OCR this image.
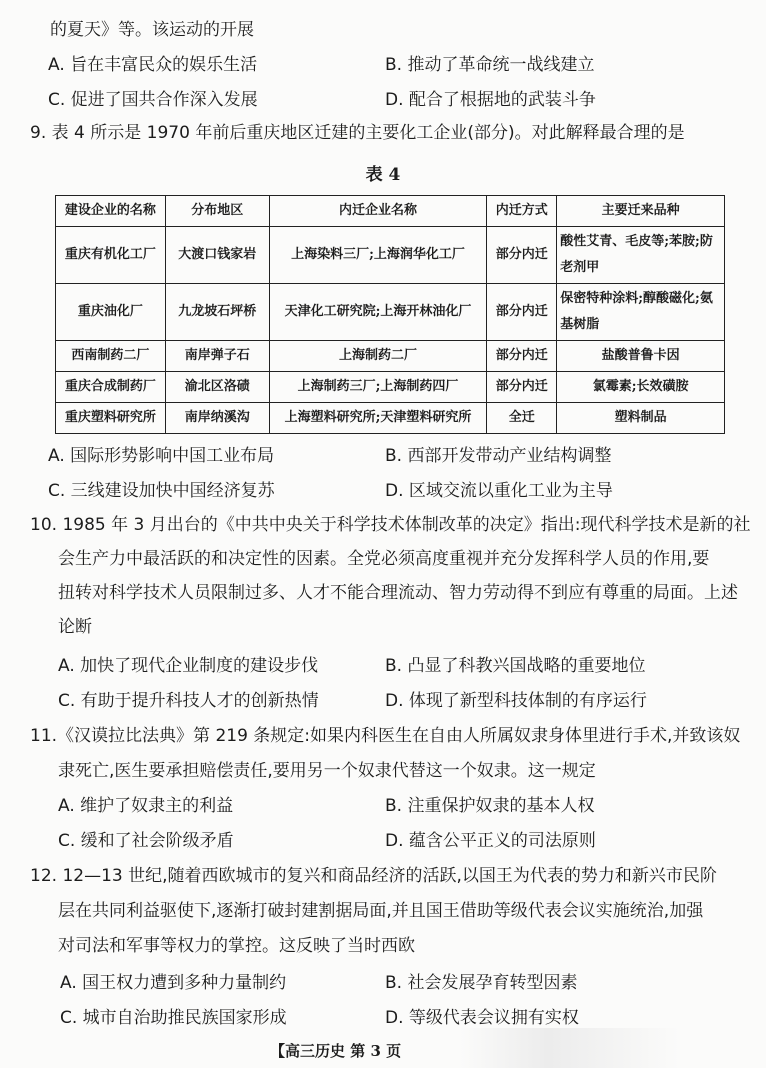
的夏天》等。该运动的开展
A. 旨在丰富民众的娱乐生活	B. 推动了革命统一战线建立
C. 促进了国共合作深入发展	D. 配合了根据地的武装斗争
9. 表 4 所示是 1970 年前后重庆地区迁建的主要化工企业(部分)。对此解释最合理的是
表 4
建设企业的名称	分布地区	内迁企业名称	内迁方式	主要迁来品种
重庆有机化工厂	大渡口钱家岩	上海染料三厂;上海润华化工厂	部分内迁	酸性艾青、毛皮等;苯胺;防老剂甲
重庆油化厂	九龙坡石坪桥	天津化工研究院;上海开林油化厂	部分内迁	保密特种涂料;醇酸磁化;氨基树脂
西南制药二厂	南岸弹子石	上海制药二厂	部分内迁	盐酸普鲁卡因
重庆合成制药厂	渝北区洛碛	上海制药三厂;上海制药四厂	部分内迁	氯霉素;长效磺胺
重庆塑料研究所	南岸纳溪沟	上海塑料研究所;天津塑料研究所	全迁	塑料制品
A. 国际形势影响中国工业布局	B. 西部开发带动产业结构调整
C. 三线建设加快中国经济复苏	D. 区域交流以重化工业为主导
10. 1985 年 3 月出台的《中共中央关于科学技术体制改革的决定》指出:现代科学技术是新的社
会生产力中最活跃的和决定性的因素。全党必须高度重视并充分发挥科学人员的作用,要
扭转对科学技术人员限制过多、人才不能合理流动、智力劳动得不到应有尊重的局面。上述
论断
A. 加快了现代企业制度的建设步伐	B. 凸显了科教兴国战略的重要地位
C. 有助于提升科技人才的创新热情	D. 体现了新型科技体制的有序运行
11.《汉谟拉比法典》第 219 条规定:如果内科医生在自由人所属奴隶身体里进行手术,并致该奴
隶死亡,医生要承担赔偿责任,要用另一个奴隶代替这一个奴隶。这一规定
A. 维护了奴隶主的利益	B. 注重保护奴隶的基本人权
C. 缓和了社会阶级矛盾	D. 蕴含公平正义的司法原则
12. 12—13 世纪,随着西欧城市的复兴和商品经济的活跃,以国王为代表的势力和新兴市民阶
层在共同利益驱使下,逐渐打破封建割据局面,并且国王借助等级代表会议实施统治,加强
对司法和军事等权力的掌控。这反映了当时西欧
A. 国王权力遭到多种力量制约	B. 社会发展孕育转型因素
C. 城市自治助推民族国家形成	D. 等级代表会议拥有实权
【高三历史 第 3 页
